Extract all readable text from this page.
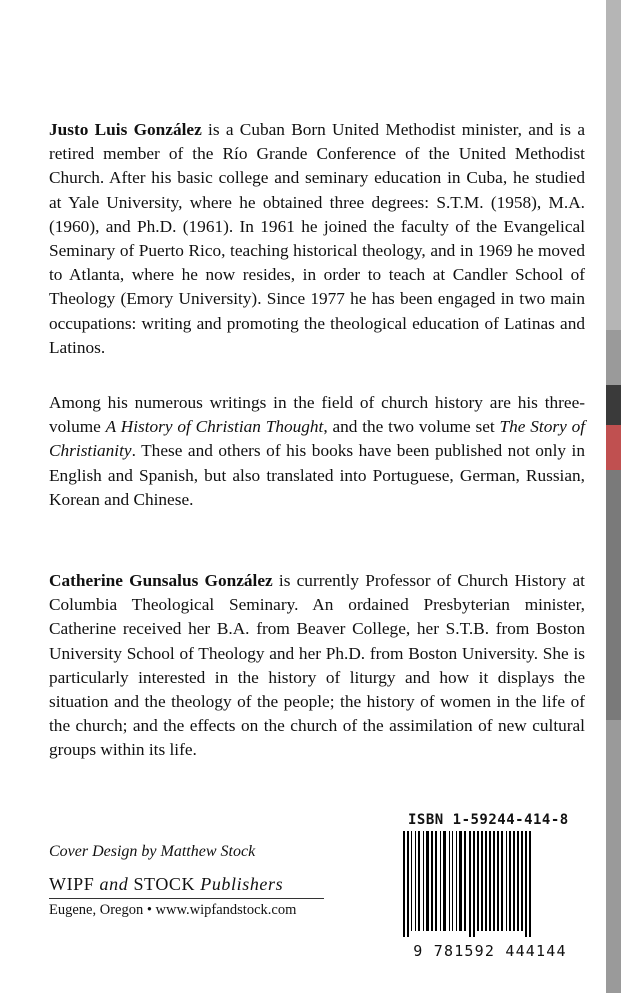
Justo Luis González is a Cuban Born United Methodist minister, and is a retired member of the Río Grande Conference of the United Methodist Church. After his basic college and seminary education in Cuba, he studied at Yale University, where he obtained three degrees: S.T.M. (1958), M.A. (1960), and Ph.D. (1961). In 1961 he joined the faculty of the Evangelical Seminary of Puerto Rico, teaching historical theology, and in 1969 he moved to Atlanta, where he now resides, in order to teach at Candler School of Theology (Emory University). Since 1977 he has been engaged in two main occupations: writing and promoting the theological education of Latinas and Latinos.

Among his numerous writings in the field of church history are his three-volume A History of Christian Thought, and the two volume set The Story of Christianity. These and others of his books have been published not only in English and Spanish, but also translated into Portuguese, German, Russian, Korean and Chinese.

Catherine Gunsalus González is currently Professor of Church History at Columbia Theological Seminary. An ordained Presbyterian minister, Catherine received her B.A. from Beaver College, her S.T.B. from Boston University School of Theology and her Ph.D. from Boston University. She is particularly interested in the history of liturgy and how it displays the situation and the theology of the people; the history of women in the life of the church; and the effects on the church of the assimilation of new cultural groups within its life.

Cover Design by Matthew Stock
WIPF and STOCK Publishers
Eugene, Oregon • www.wipfandstock.com
ISBN 1-59244-414-8
9 781592 444144
